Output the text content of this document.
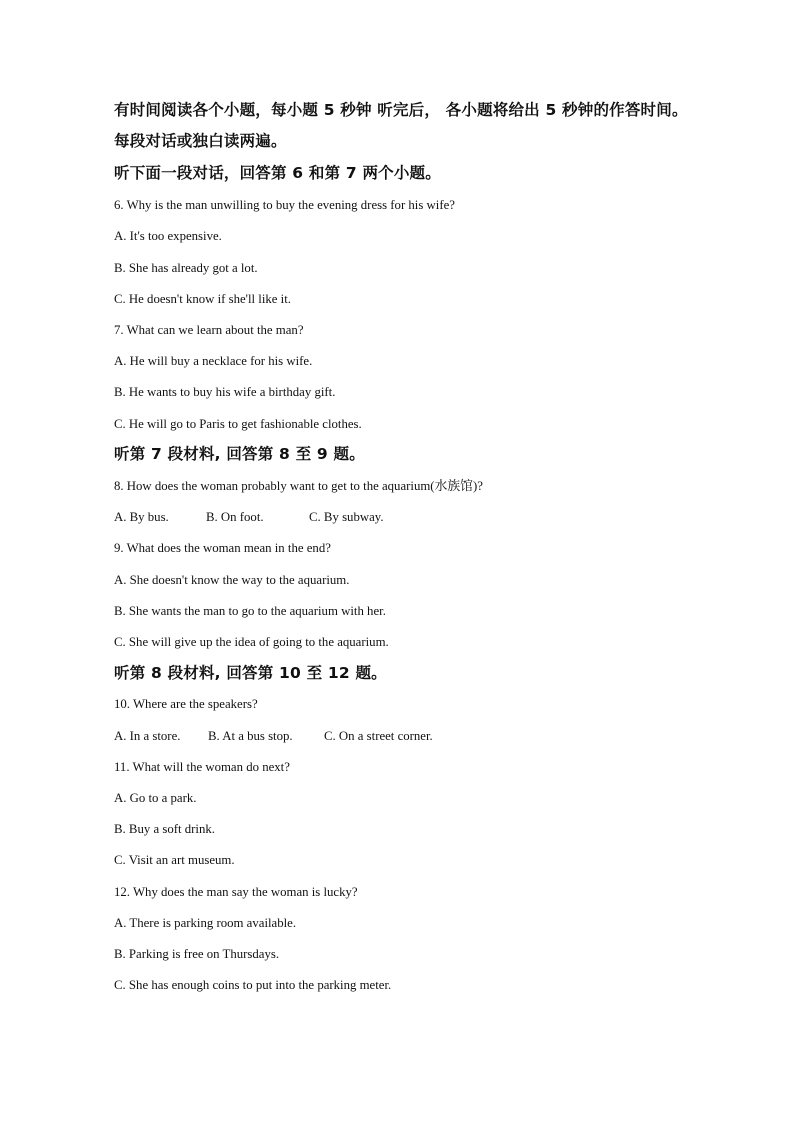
有时间阅读各个小题，每小题 5 秒钟 听完后， 各小题将给出 5 秒钟的作答时间。
每段对话或独白读两遍。
听下面一段对话，回答第 6 和第 7 两个小题。
6. Why is the man unwilling to buy the evening dress for his wife?
A. It's too expensive.
B. She has already got a lot.
C. He doesn't know if she'll like it.
7. What can we learn about the man?
A. He will buy a necklace for his wife.
B. He wants to buy his wife a birthday gift.
C. He will go to Paris to get fashionable clothes.
听第 7 段材料, 回答第 8 至 9 题。
8. How does the woman probably want to get to the aquarium(水族馆)?
A. By bus.	B. On foot.	C. By subway.
9. What does the woman mean in the end?
A. She doesn't know the way to the aquarium.
B. She wants the man to go to the aquarium with her.
C. She will give up the idea of going to the aquarium.
听第 8 段材料, 回答第 10 至 12 题。
10. Where are the speakers?
A. In a store. B. At a bus stop. C. On a street corner.
11. What will the woman do next?
A. Go to a park.
B. Buy a soft drink.
C. Visit an art museum.
12. Why does the man say the woman is lucky?
A. There is parking room available.
B. Parking is free on Thursdays.
C. She has enough coins to put into the parking meter.
